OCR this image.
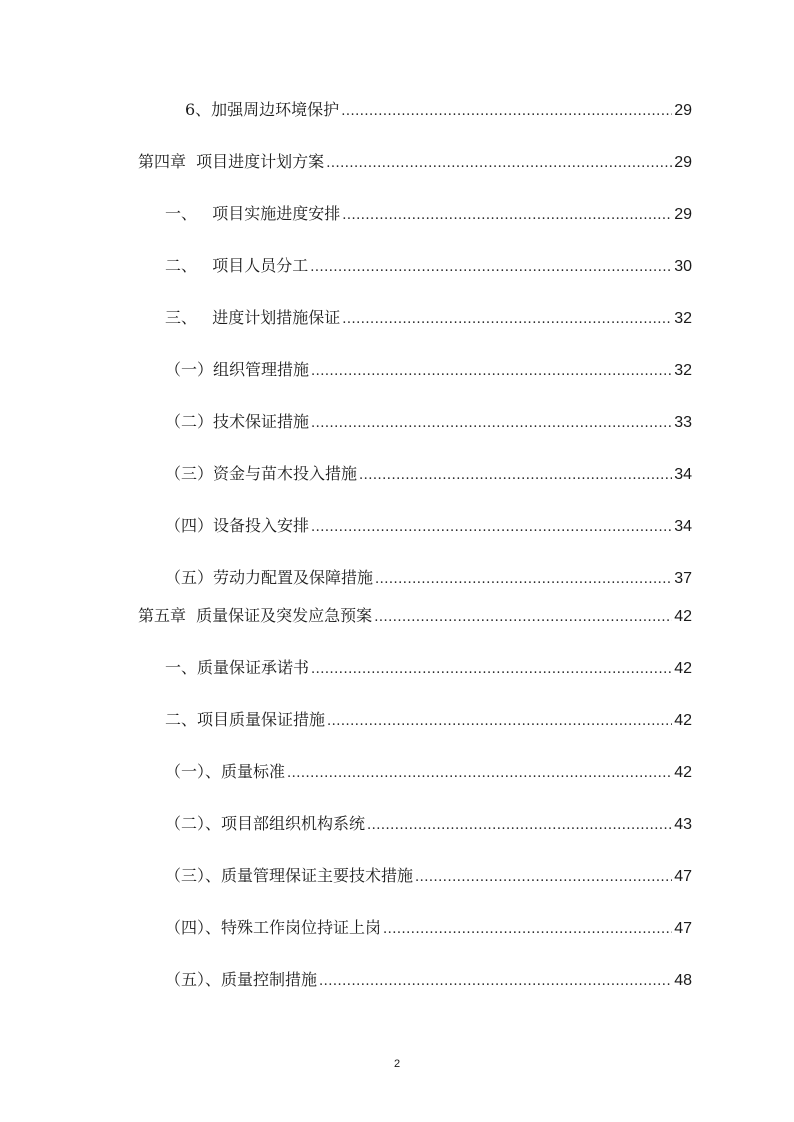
6、加强周边环境保护 .....	29
第四章  项目进度计划方案 .....	29
一、   项目实施进度安排 .....	29
二、   项目人员分工 .....	30
三、   进度计划措施保证 .....	32
（一）组织管理措施 .....	32
（二）技术保证措施 .....	33
（三）资金与苗木投入措施 .....	34
（四）设备投入安排 .....	34
（五）劳动力配置及保障措施 .....	37
第五章  质量保证及突发应急预案 .....	42
一、质量保证承诺书 .....	42
二、项目质量保证措施 .....	42
（一）、质量标准 .....	42
（二）、项目部组织机构系统 .....	43
（三）、质量管理保证主要技术措施 .....	47
（四）、特殊工作岗位持证上岗 .....	47
（五）、质量控制措施 .....	48
2
